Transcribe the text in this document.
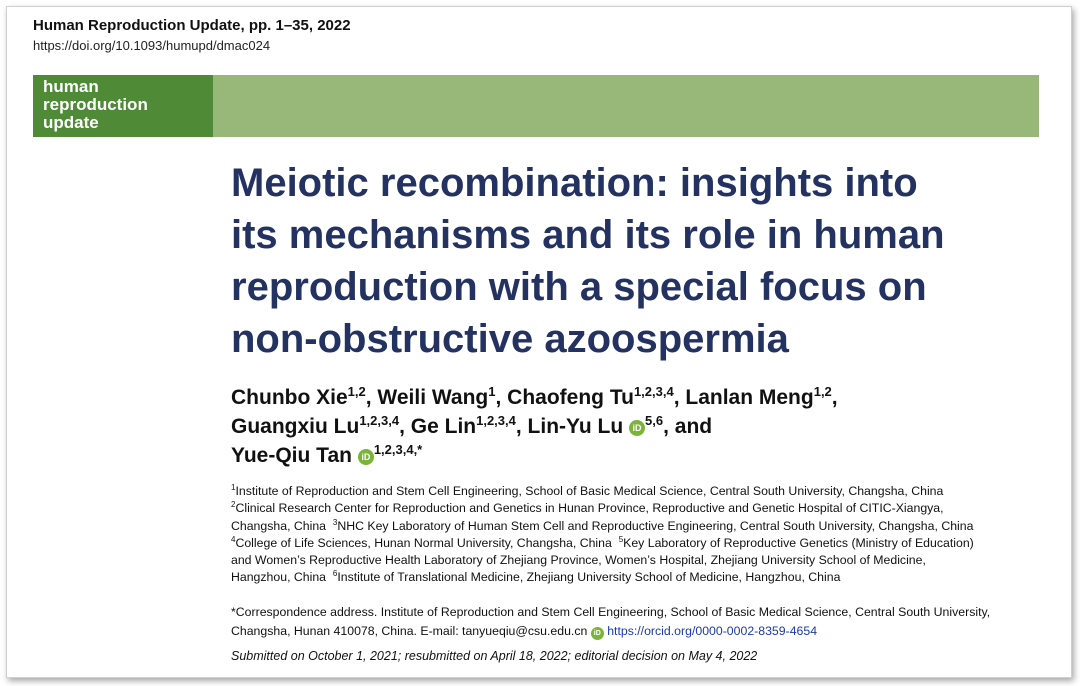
Human Reproduction Update, pp. 1–35, 2022
https://doi.org/10.1093/humupd/dmac024
human
reproduction
update
Meiotic recombination: insights into
its mechanisms and its role in human
reproduction with a special focus on
non-obstructive azoospermia
Chunbo Xie$^{1,2}$, Weili Wang$^1$, Chaofeng Tu$^{1,2,3,4}$, Lanlan Meng$^{1,2}$,
Guangxiu Lu$^{1,2,3,4}$, Ge Lin$^{1,2,3,4}$, Lin-Yu Lu iD $^{5,6}$, and
Yue-Qiu Tan iD $^{1,2,3,4,*}$
$^1$Institute of Reproduction and Stem Cell Engineering, School of Basic Medical Science, Central South University, Changsha, China
$^2$Clinical Research Center for Reproduction and Genetics in Hunan Province, Reproductive and Genetic Hospital of CITIC-Xiangya,
Changsha, China $^3$NHC Key Laboratory of Human Stem Cell and Reproductive Engineering, Central South University, Changsha, China
$^4$College of Life Sciences, Hunan Normal University, Changsha, China $^5$Key Laboratory of Reproductive Genetics (Ministry of Education)
and Women’s Reproductive Health Laboratory of Zhejiang Province, Women’s Hospital, Zhejiang University School of Medicine,
Hangzhou, China $^6$Institute of Translational Medicine, Zhejiang University School of Medicine, Hangzhou, China
*Correspondence address. Institute of Reproduction and Stem Cell Engineering, School of Basic Medical Science, Central South University,
Changsha, Hunan 410078, China. E-mail: tanyueqiu@csu.edu.cn iD https://orcid.org/0000-0002-8359-4654
Submitted on October 1, 2021; resubmitted on April 18, 2022; editorial decision on May 4, 2022
